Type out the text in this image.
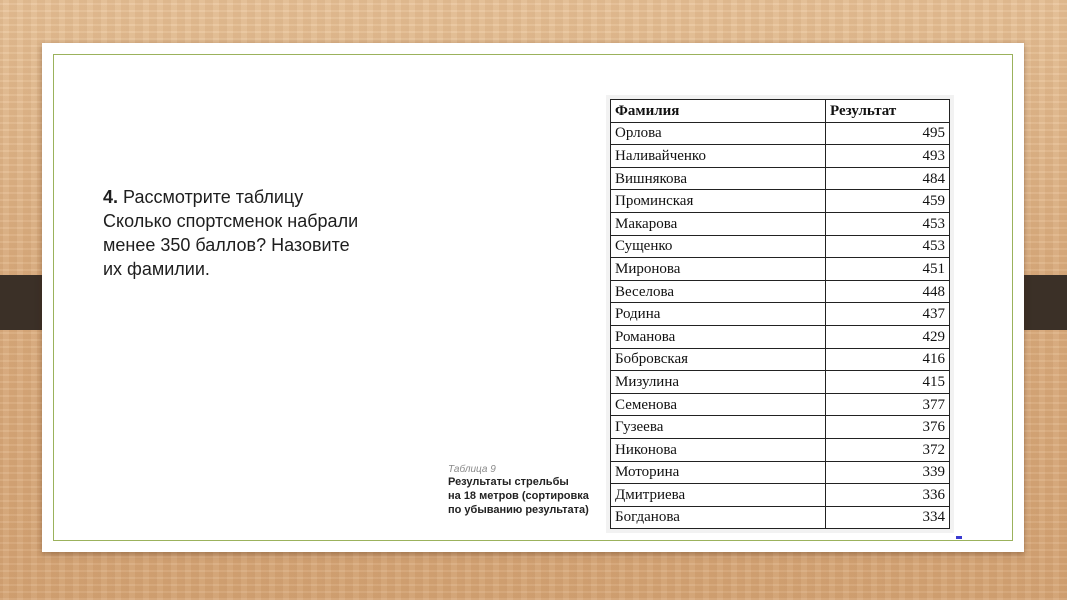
4. Рассмотрите таблицу
Сколько спортсменок набрали
менее 350 баллов? Назовите
их фамилии.
Таблица 9
Результаты стрельбы
на 18 метров (сортировка
по убыванию результата)
Фамилия	Результат
Орлова	495
Наливайченко	493
Вишнякова	484
Проминская	459
Макарова	453
Сущенко	453
Миронова	451
Веселова	448
Родина	437
Романова	429
Бобровская	416
Мизулина	415
Семенова	377
Гузеева	376
Никонова	372
Моторина	339
Дмитриева	336
Богданова	334
